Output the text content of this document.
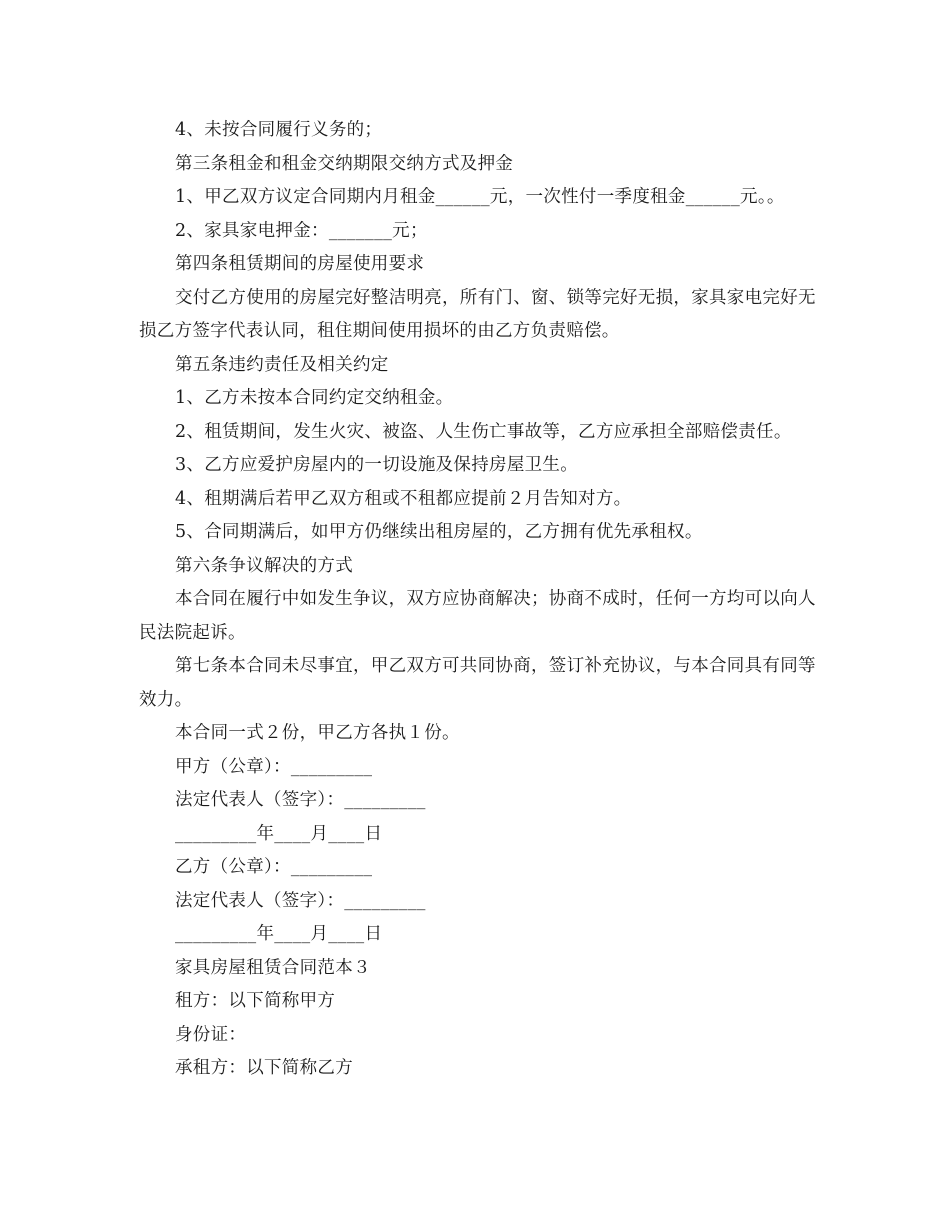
4、未按合同履行义务的；
第三条租金和租金交纳期限交纳方式及押金
1、甲乙双方议定合同期内月租金______元，一次性付一季度租金______元。。
2、家具家电押金：_______元；
第四条租赁期间的房屋使用要求
交付乙方使用的房屋完好整洁明亮，所有门、窗、锁等完好无损，家具家电完好无损乙方签字代表认同，租住期间使用损坏的由乙方负责赔偿。
第五条违约责任及相关约定
1、乙方未按本合同约定交纳租金。
2、租赁期间，发生火灾、被盗、人生伤亡事故等，乙方应承担全部赔偿责任。
3、乙方应爱护房屋内的一切设施及保持房屋卫生。
4、租期满后若甲乙双方租或不租都应提前２月告知对方。
5、合同期满后，如甲方仍继续出租房屋的，乙方拥有优先承租权。
第六条争议解决的方式
本合同在履行中如发生争议，双方应协商解决；协商不成时，任何一方均可以向人民法院起诉。
第七条本合同未尽事宜，甲乙双方可共同协商，签订补充协议，与本合同具有同等效力。
本合同一式２份，甲乙方各执１份。
甲方（公章）：_________
法定代表人（签字）：_________
_________年____月____日
乙方（公章）：_________
法定代表人（签字）：_________
_________年____月____日
家具房屋租赁合同范本３
租方：以下简称甲方
身份证：
承租方：以下简称乙方
